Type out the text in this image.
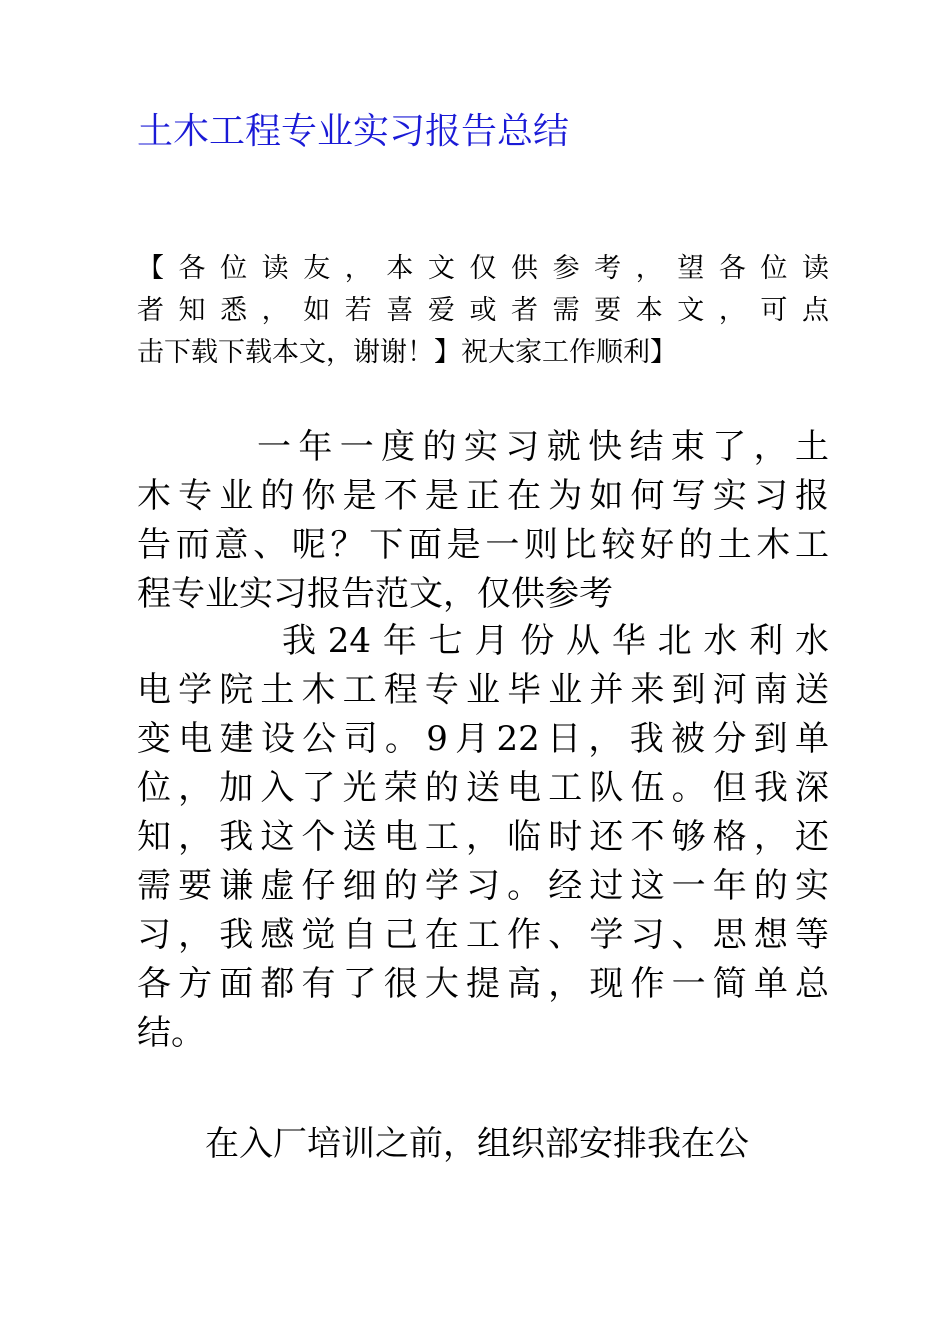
土木工程专业实习报告总结
【各位读友，本文仅供参考，望各位读
者知悉，如若喜爱或者需要本文，可点
击下载下载本文，谢谢！】祝大家工作顺利】
一年一度的实习就快结束了，土
木专业的你是不是正在为如何写实习报
告而意、呢？下面是一则比较好的土木工
程专业实习报告范文，仅供参考
我24年七月份从华北水利水
电学院土木工程专业毕业并来到河南送
变电建设公司。9月22日，我被分到单
位，加入了光荣的送电工队伍。但我深
知，我这个送电工，临时还不够格，还
需要谦虚仔细的学习。经过这一年的实
习，我感觉自己在工作、学习、思想等
各方面都有了很大提高，现作一简单总
结。

在入厂培训之前，组织部安排我在公
